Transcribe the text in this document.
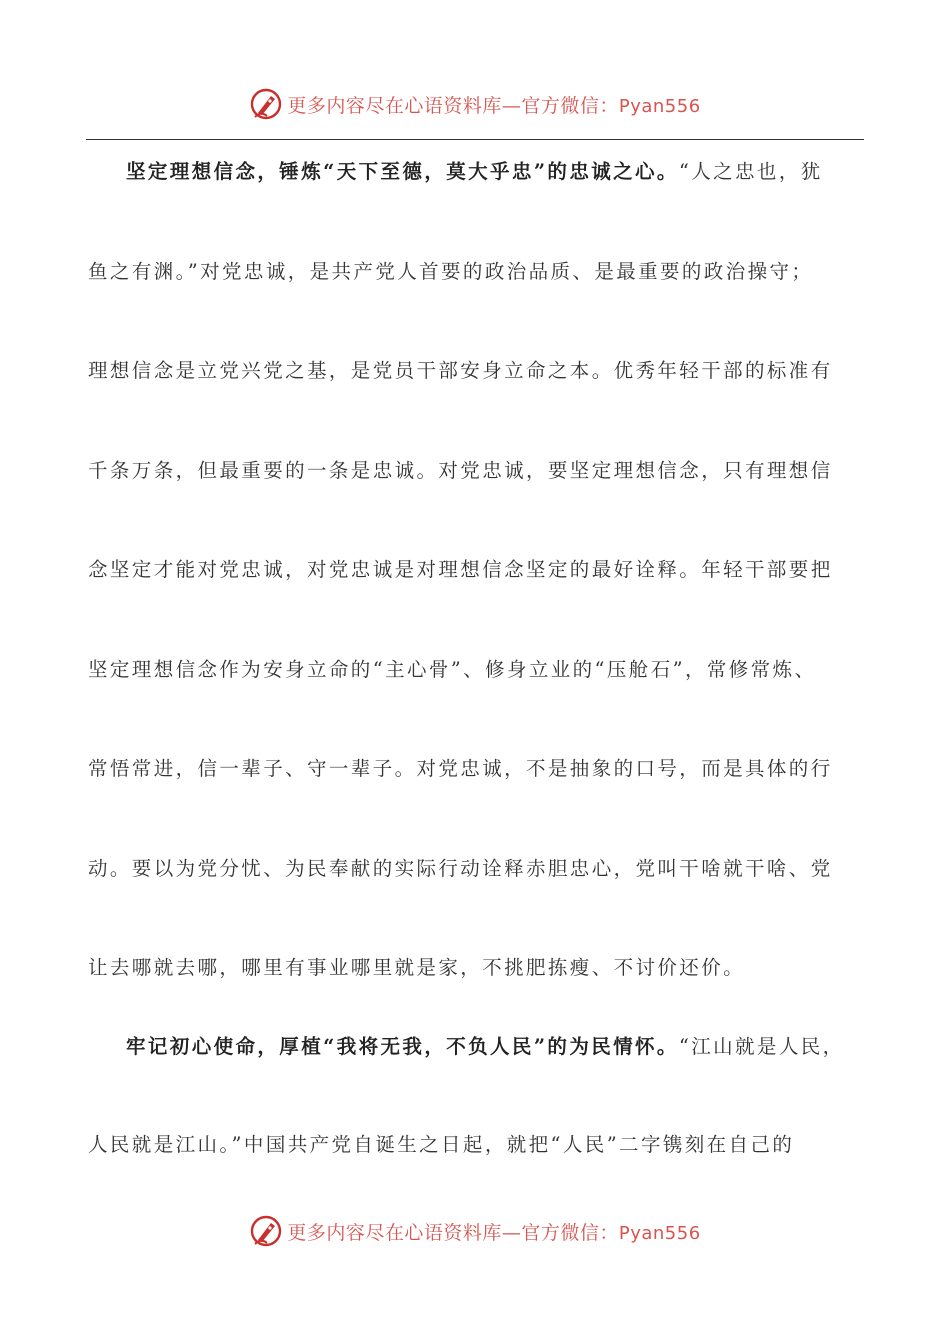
更多内容尽在心语资料库—官方微信：Pyan556
坚定理想信念，锤炼“天下至德，莫大乎忠”的忠诚之心。“人之忠也，犹
鱼之有渊。”对党忠诚，是共产党人首要的政治品质、是最重要的政治操守；
理想信念是立党兴党之基，是党员干部安身立命之本。优秀年轻干部的标准有
千条万条，但最重要的一条是忠诚。对党忠诚，要坚定理想信念，只有理想信
念坚定才能对党忠诚，对党忠诚是对理想信念坚定的最好诠释。年轻干部要把
坚定理想信念作为安身立命的“主心骨”、修身立业的“压舱石”，常修常炼、
常悟常进，信一辈子、守一辈子。对党忠诚，不是抽象的口号，而是具体的行
动。要以为党分忧、为民奉献的实际行动诠释赤胆忠心，党叫干啥就干啥、党
让去哪就去哪，哪里有事业哪里就是家，不挑肥拣瘦、不讨价还价。
牢记初心使命，厚植“我将无我，不负人民”的为民情怀。“江山就是人民，
人民就是江山。”中国共产党自诞生之日起，就把“人民”二字镌刻在自己的
更多内容尽在心语资料库—官方微信：Pyan556
